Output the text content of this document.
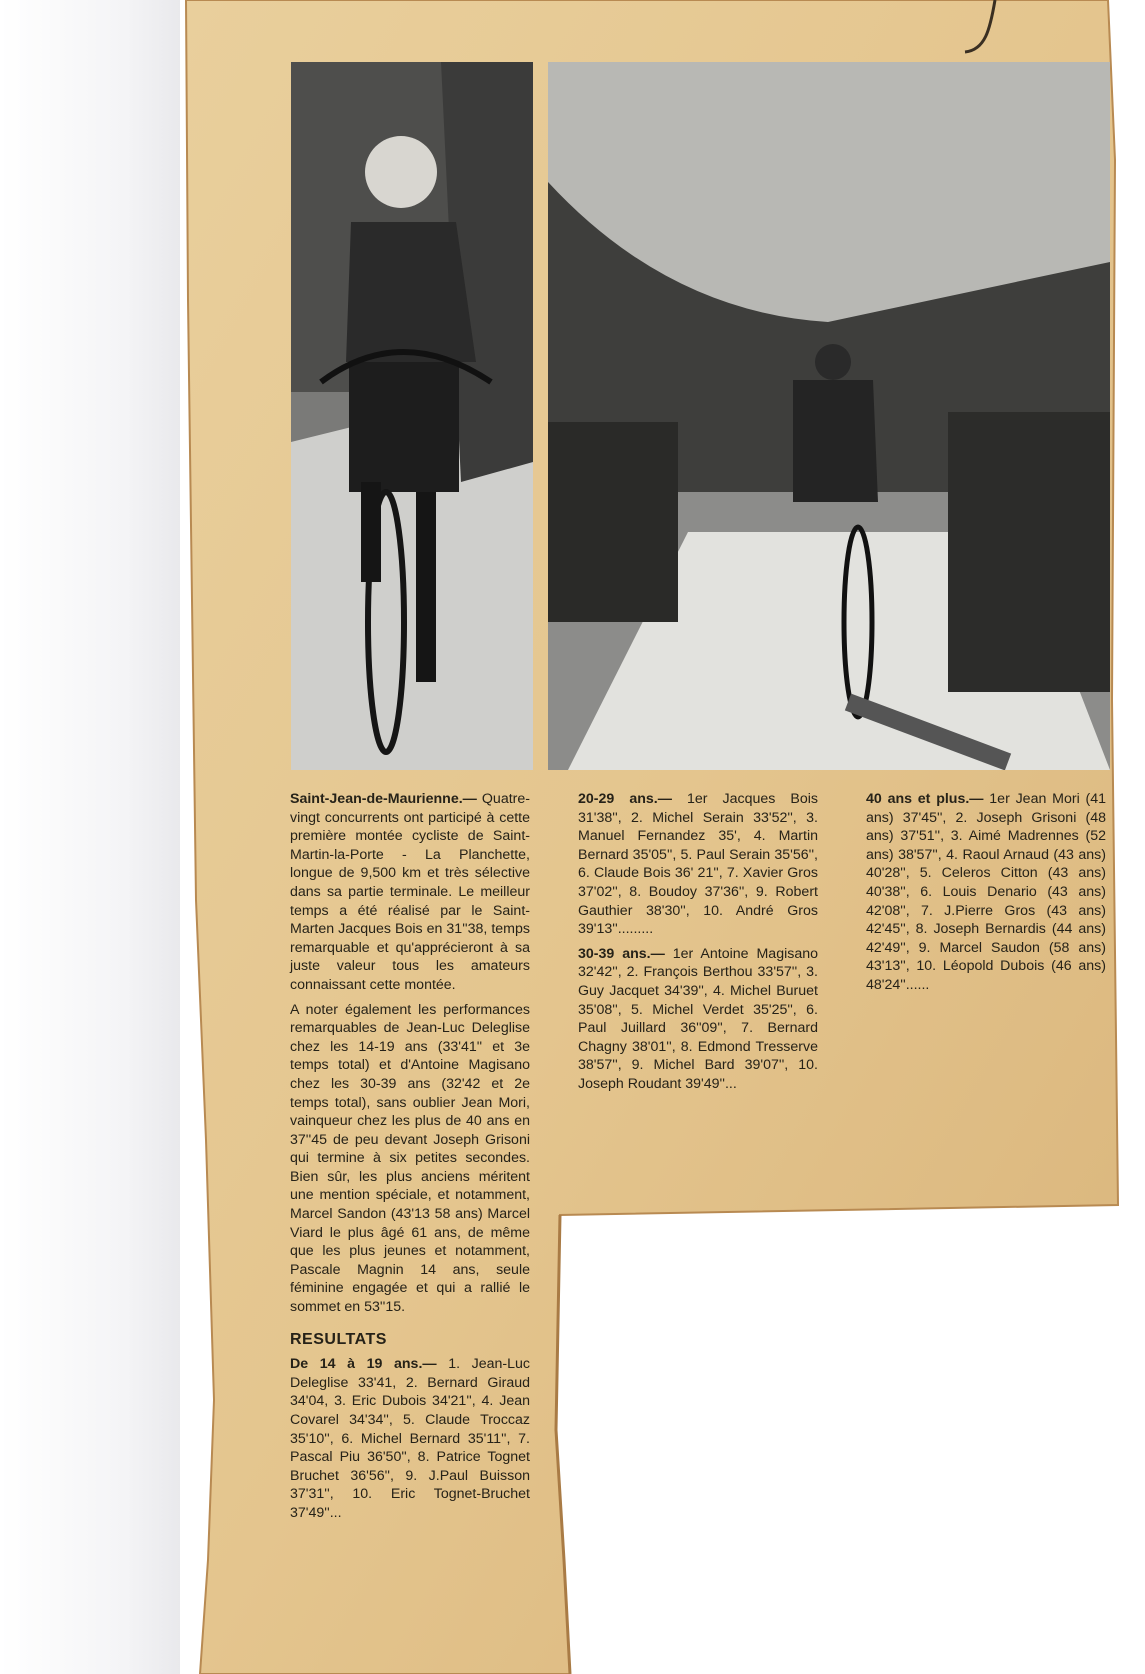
Saint-Jean-de-Maurienne.— Quatre-vingt concurrents ont participé à cette première montée cycliste de Saint-Martin-la-Porte - La Planchette, longue de 9,500 km et très sélective dans sa partie terminale. Le meilleur temps a été réalisé par le Saint-Marten Jacques Bois en 31''38, temps remarquable et qu'apprécieront à sa juste valeur tous les amateurs connaissant cette montée.

A noter également les performances remarquables de Jean-Luc Deleglise chez les 14-19 ans (33'41'' et 3e temps total) et d'Antoine Magisano chez les 30-39 ans (32'42 et 2e temps total), sans oublier Jean Mori, vainqueur chez les plus de 40 ans en 37''45 de peu devant Joseph Grisoni qui termine à six petites secondes. Bien sûr, les plus anciens méritent une mention spéciale, et notamment, Marcel Sandon (43'13 58 ans) Marcel Viard le plus âgé 61 ans, de même que les plus jeunes et notamment, Pascale Magnin 14 ans, seule féminine engagée et qui a rallié le sommet en 53''15.

RESULTATS

De 14 à 19 ans.— 1. Jean-Luc Deleglise 33'41, 2. Bernard Giraud 34'04, 3. Eric Dubois 34'21'', 4. Jean Covarel 34'34'', 5. Claude Troccaz 35'10'', 6. Michel Bernard 35'11'', 7. Pascal Piu 36'50'', 8. Patrice Tognet Bruchet 36'56'', 9. J.Paul Buisson 37'31'', 10. Eric Tognet-Bruchet 37'49''...

20-29 ans.— 1er Jacques Bois 31'38'', 2. Michel Serain 33'52'', 3. Manuel Fernandez 35', 4. Martin Bernard 35'05'', 5. Paul Serain 35'56'', 6. Claude Bois 36' 21'', 7. Xavier Gros 37'02'', 8. Boudoy 37'36'', 9. Robert Gauthier 38'30'', 10. André Gros 39'13''.........

30-39 ans.— 1er Antoine Magisano 32'42'', 2. François Berthou 33'57'', 3. Guy Jacquet 34'39'', 4. Michel Buruet 35'08'', 5. Michel Verdet 35'25'', 6. Paul Juillard 36''09'', 7. Bernard Chagny 38'01'', 8. Edmond Tresserve 38'57'', 9. Michel Bard 39'07'', 10. Joseph Roudant 39'49''...

40 ans et plus.— 1er Jean Mori (41 ans) 37'45'', 2. Joseph Grisoni (48 ans) 37'51'', 3. Aimé Madrennes (52 ans) 38'57'', 4. Raoul Arnaud (43 ans) 40'28'', 5. Celeros Citton (43 ans) 40'38'', 6. Louis Denario (43 ans) 42'08'', 7. J.Pierre Gros (43 ans) 42'45'', 8. Joseph Bernardis (44 ans) 42'49'', 9. Marcel Saudon (58 ans) 43'13'', 10. Léopold Dubois (46 ans) 48'24''......
